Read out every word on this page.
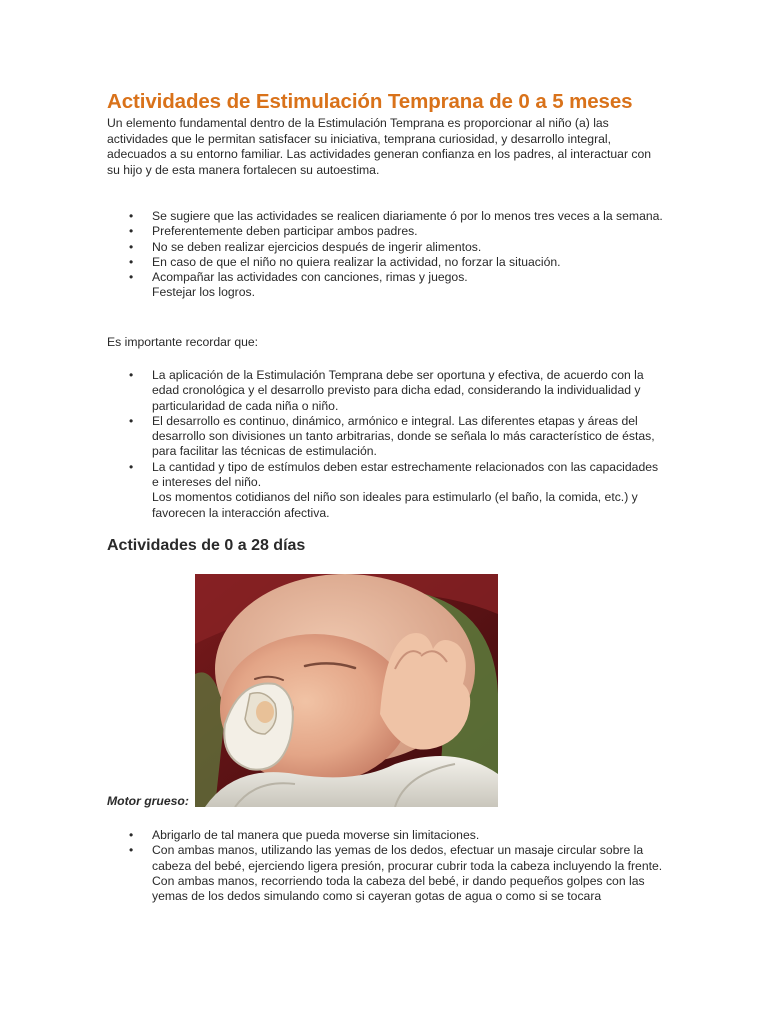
Actividades de Estimulación Temprana de 0 a 5 meses

Un elemento fundamental dentro de la Estimulación Temprana es proporcionar al niño (a) las actividades que le permitan satisfacer su iniciativa, temprana curiosidad, y desarrollo integral, adecuados a su entorno familiar. Las actividades generan confianza en los padres, al interactuar con su hijo y de esta manera fortalecen su autoestima.

• Se sugiere que las actividades se realicen diariamente ó por lo menos tres veces a la semana.
• Preferentemente deben participar ambos padres.
• No se deben realizar ejercicios después de ingerir alimentos.
• En caso de que el niño no quiera realizar la actividad, no forzar la situación.
• Acompañar las actividades con canciones, rimas y juegos.
Festejar los logros.

Es importante recordar que:

• La aplicación de la Estimulación Temprana debe ser oportuna y efectiva, de acuerdo con la edad cronológica y el desarrollo previsto para dicha edad, considerando la individualidad y particularidad de cada niña o niño.
• El desarrollo es continuo, dinámico, armónico e integral. Las diferentes etapas y áreas del desarrollo son divisiones un tanto arbitrarias, donde se señala lo más característico de éstas, para facilitar las técnicas de estimulación.
• La cantidad y tipo de estímulos deben estar estrechamente relacionados con las capacidades e intereses del niño.
Los momentos cotidianos del niño son ideales para estimularlo (el baño, la comida, etc.) y favorecen la interacción afectiva.
Actividades de 0 a 28 días

Motor grueso:

• Abrigarlo de tal manera que pueda moverse sin limitaciones.
• Con ambas manos, utilizando las yemas de los dedos, efectuar un masaje circular sobre la cabeza del bebé, ejerciendo ligera presión, procurar cubrir toda la cabeza incluyendo la frente. Con ambas manos, recorriendo toda la cabeza del bebé, ir dando pequeños golpes con las yemas de los dedos simulando como si cayeran gotas de agua o como si se tocara
